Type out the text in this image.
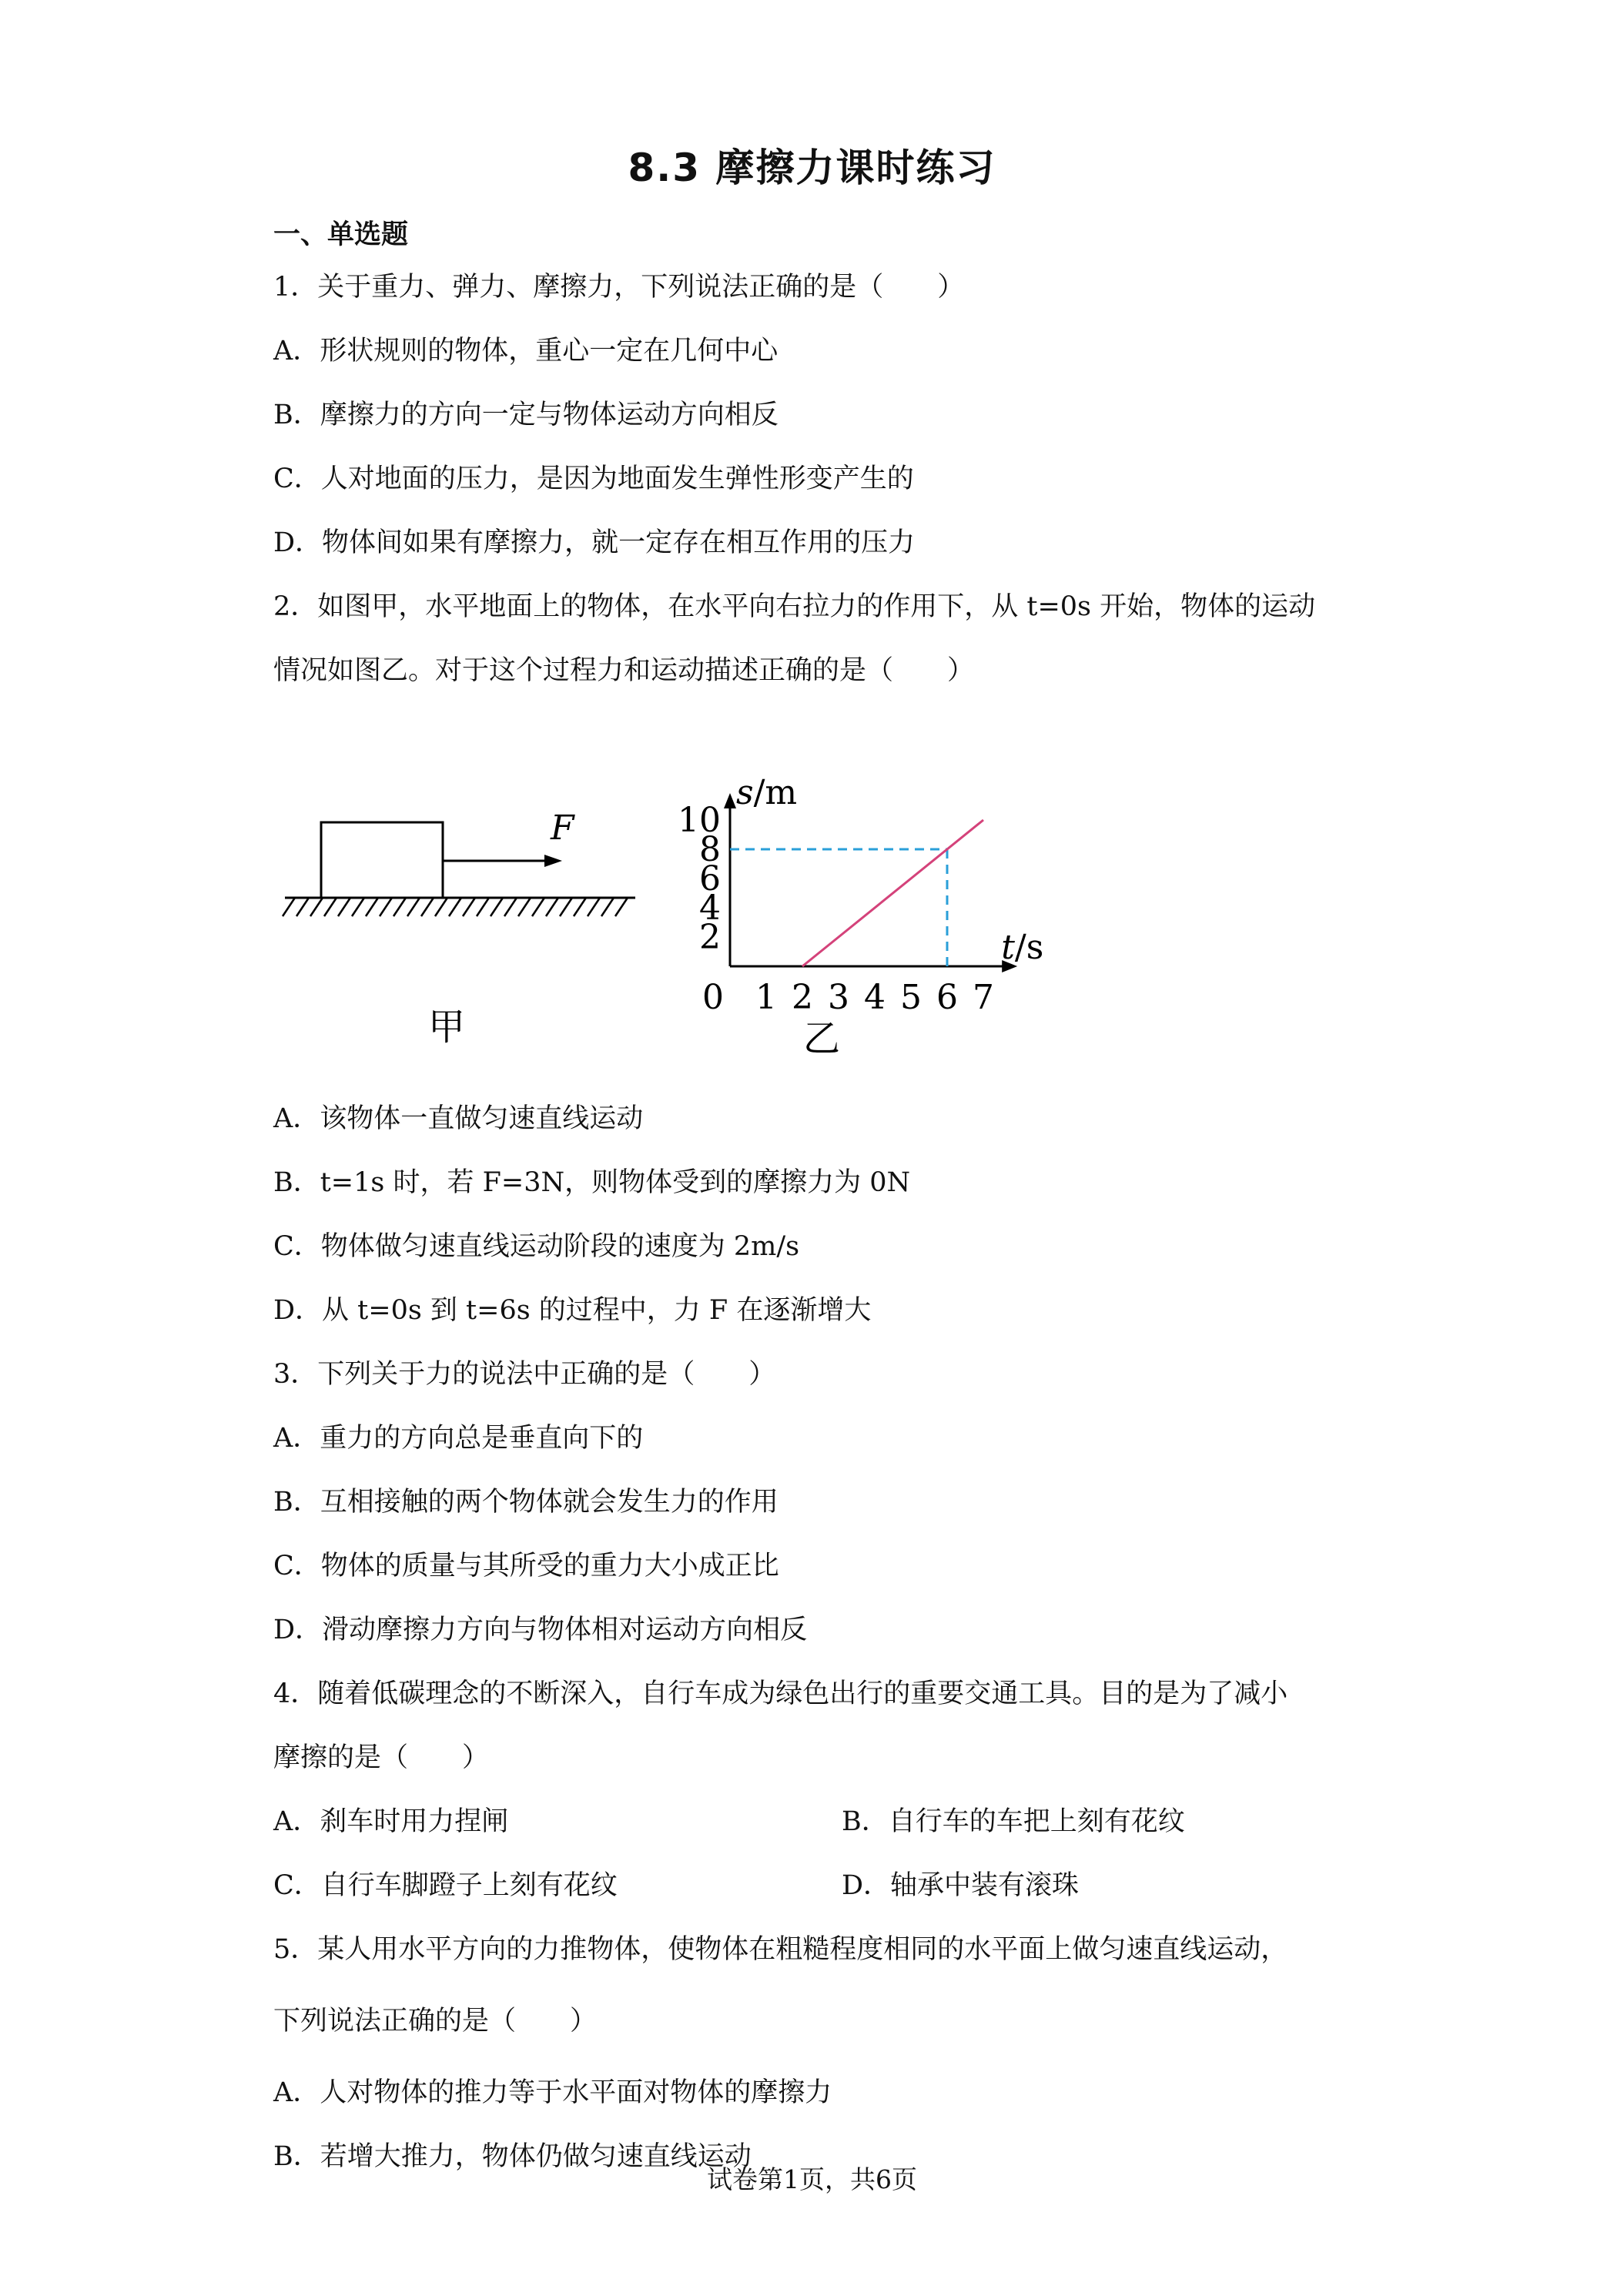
8.3 摩擦力课时练习
一、单选题
1．关于重力、弹力、摩擦力，下列说法正确的是（　　）
A．形状规则的物体，重心一定在几何中心
B．摩擦力的方向一定与物体运动方向相反
C．人对地面的压力，是因为地面发生弹性形变产生的
D．物体间如果有摩擦力，就一定存在相互作用的压力
2．如图甲，水平地面上的物体，在水平向右拉力的作用下，从 t=0s 开始，物体的运动
情况如图乙。对于这个过程力和运动描述正确的是（　　）
F
甲
s/m
t/s
0 1 2 3 4 5 6 7
2
4
6
8
10
乙
A．该物体一直做匀速直线运动
B．t=1s 时，若 F=3N，则物体受到的摩擦力为 0N
C．物体做匀速直线运动阶段的速度为 2m/s
D．从 t=0s 到 t=6s 的过程中，力 F 在逐渐增大
3．下列关于力的说法中正确的是（　　）
A．重力的方向总是垂直向下的
B．互相接触的两个物体就会发生力的作用
C．物体的质量与其所受的重力大小成正比
D．滑动摩擦力方向与物体相对运动方向相反
4．随着低碳理念的不断深入，自行车成为绿色出行的重要交通工具。目的是为了减小
摩擦的是（　　）
A．刹车时用力捏闸	B．自行车的车把上刻有花纹
C．自行车脚蹬子上刻有花纹	D．轴承中装有滚珠
5．某人用水平方向的力推物体，使物体在粗糙程度相同的水平面上做匀速直线运动，
下列说法正确的是（　　）
A．人对物体的推力等于水平面对物体的摩擦力
B．若增大推力，物体仍做匀速直线运动
试卷第1页，共6页
